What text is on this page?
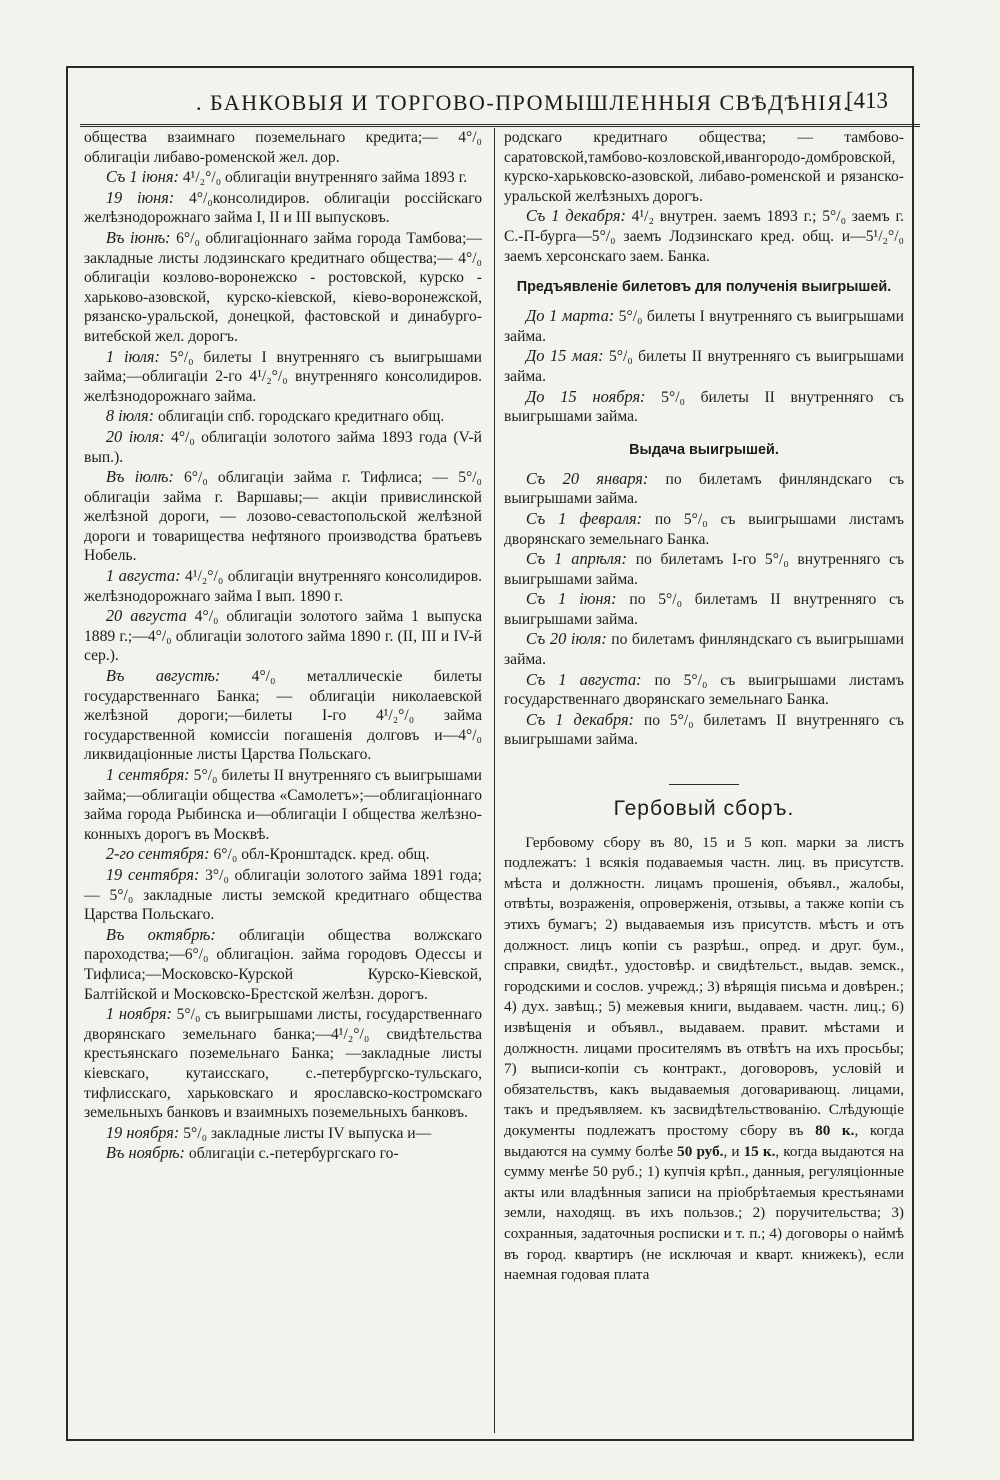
. БАНКОВЫЯ И ТОРГОВО-ПРОМЫШЛЕННЫЯ СВѢДѢНІЯ.
[413

общества взаимнаго поземельнаго кредита;— 4°/₀ облигаціи либаво-роменской жел. дор.

Съ 1 іюня: 4¹/₂°/₀ облигаціи внутренняго займа 1893 г.

19 іюня: 4°/₀консолидиров. облигаціи россійскаго желѣзнодорожнаго займа I, II и III выпусковъ.

Въ іюнѣ: 6°/₀ облигаціоннаго займа города Тамбова;—закладные листы лодзинскаго кредитнаго общества;— 4°/₀ облигаціи козлово-воронежско - ростовской, курско - харьково-азовской, курско-кіевской, кіево-воронежской, рязанско-уральской, донецкой, фастовской и динабурго-витебской жел. дорогъ.

1 іюля: 5°/₀ билеты I внутренняго съ выигрышами займа;—облигаціи 2-го 4¹/₂°/₀ внутренняго консолидиров. желѣзнодорожнаго займа.

8 іюля: облигаціи спб. городскаго кредитнаго общ.

20 іюля: 4°/₀ облигаціи золотого займа 1893 года (V-й вып.).

Въ іюлѣ: 6°/₀ облигаціи займа г. Тифлиса; — 5°/₀ облигаціи займа г. Варшавы;— акціи привислинской желѣзной дороги, — лозово-севастопольской желѣзной дороги и товарищества нефтяного производства братьевъ Нобель.

1 августа: 4¹/₂°/₀ облигаціи внутренняго консолидиров. желѣзнодорожнаго займа I вып. 1890 г.

20 августа 4°/₀ облигаціи золотого займа 1 выпуска 1889 г.;—4°/₀ облигаціи золотого займа 1890 г. (II, III и IV-й сер.).

Въ августѣ: 4°/₀ металлическіе билеты государственнаго Банка; — облигаціи николаевской желѣзной дороги;—билеты I-го 4¹/₂°/₀ займа государственной комиссіи погашенія долговъ и—4°/₀ ликвидаціонные листы Царства Польскаго.

1 сентября: 5°/₀ билеты II внутренняго съ выигрышами займа;—облигаціи общества «Самолетъ»;—облигаціоннаго займа города Рыбинска и—облигаціи I общества желѣзно-конныхъ дорогъ въ Москвѣ.

2-го сентября: 6°/₀ обл-Кронштадск. кред. общ.

19 сентября: 3°/₀ облигаціи золотого займа 1891 года; — 5°/₀ закладные листы земской кредитнаго общества Царства Польскаго.

Въ октябрѣ: облигаціи общества волжскаго пароходства;—6°/₀ облигаціон. займа городовъ Одессы и Тифлиса;—Московско-Курской Курско-Кіевской, Балтійской и Московско-Брестской желѣзн. дорогъ.

1 ноября: 5°/₀ съ выигрышами листы, государственнаго дворянскаго земельнаго банка;—4¹/₂°/₀ свидѣтельства крестьянскаго поземельнаго Банка; —закладные листы кіевскаго, кутаисскаго, с.-петербургско-тульскаго, тифлисскаго, харьковскаго и ярославско-костромскаго земельныхъ банковъ и взаимныхъ поземельныхъ банковъ.

19 ноября: 5°/₀ закладные листы IV выпуска и—

Въ ноябрѣ: облигаціи с.-петербургскаго го-

родскаго кредитнаго общества; — тамбово-саратовской,тамбово-козловской,ивангородо-домбровской, курско-харьковско-азовской, либаво-роменской и рязанско-уральской желѣзныхъ дорогъ.

Съ 1 декабря: 4¹/₂ внутрен. заемъ 1893 г.; 5°/₀ заемъ г. С.-П-бурга—5°/₀ заемъ Лодзинскаго кред. общ. и—5¹/₂°/₀ заемъ херсонскаго заем. Банка.

Предъявленіе билетовъ для полученія выигрышей.

До 1 марта: 5°/₀ билеты I внутренняго съ выигрышами займа.

До 15 мая: 5°/₀ билеты II внутренняго съ выигрышами займа.

До 15 ноября: 5°/₀ билеты II внутренняго съ выигрышами займа.

Выдача выигрышей.

Съ 20 января: по билетамъ финляндскаго съ выигрышами займа.

Съ 1 февраля: по 5°/₀ съ выигрышами листамъ дворянскаго земельнаго Банка.

Съ 1 апрѣля: по билетамъ I-го 5°/₀ внутренняго съ выигрышами займа.

Съ 1 іюня: по 5°/₀ билетамъ II внутренняго съ выигрышами займа.

Съ 20 іюля: по билетамъ финляндскаго съ выигрышами займа.

Съ 1 августа: по 5°/₀ съ выигрышами листамъ государственнаго дворянскаго земельнаго Банка.

Съ 1 декабря: по 5°/₀ билетамъ II внутренняго съ выигрышами займа.

Гербовый сборъ.

Гербовому сбору въ 80, 15 и 5 коп. марки за листъ подлежатъ: 1 всякія подаваемыя частн. лиц. въ присутств. мѣста и должностн. лицамъ прошенія, объявл., жалобы, отвѣты, возраженія, опроверженія, отзывы, а также копіи съ этихъ бумагъ; 2) выдаваемыя изъ присутств. мѣстъ и отъ должност. лицъ копіи съ разрѣш., опред. и друг. бум., справки, свидѣт., удостовѣр. и свидѣтельст., выдав. земск., городскими и сослов. учрежд.; 3) вѣрящія письма и довѣрен.; 4) дух. завѣщ.; 5) межевыя книги, выдаваем. частн. лиц.; 6) извѣщенія и объявл., выдаваем. правит. мѣстами и должностн. лицами просителямъ въ отвѣтъ на ихъ просьбы; 7) выписи-копіи съ контракт., договоровъ, условій и обязательствъ, какъ выдаваемыя договаривающ. лицами, такъ и предъявляем. къ засвидѣтельствованію. Слѣдующіе документы подлежатъ простому сбору въ 80 к., когда выдаются на сумму болѣе 50 руб., и 15 к., когда выдаются на сумму менѣе 50 руб.; 1) купчія крѣп., данныя, регуляціонные акты или владѣнныя записи на пріобрѣтаемыя крестьянами земли, находящ. въ ихъ пользов.; 2) поручительства; 3) сохранныя, задаточныя росписки и т. п.; 4) договоры о наймѣ въ город. квартиръ (не исключая и кварт. книжекъ), если наемная годовая плата
